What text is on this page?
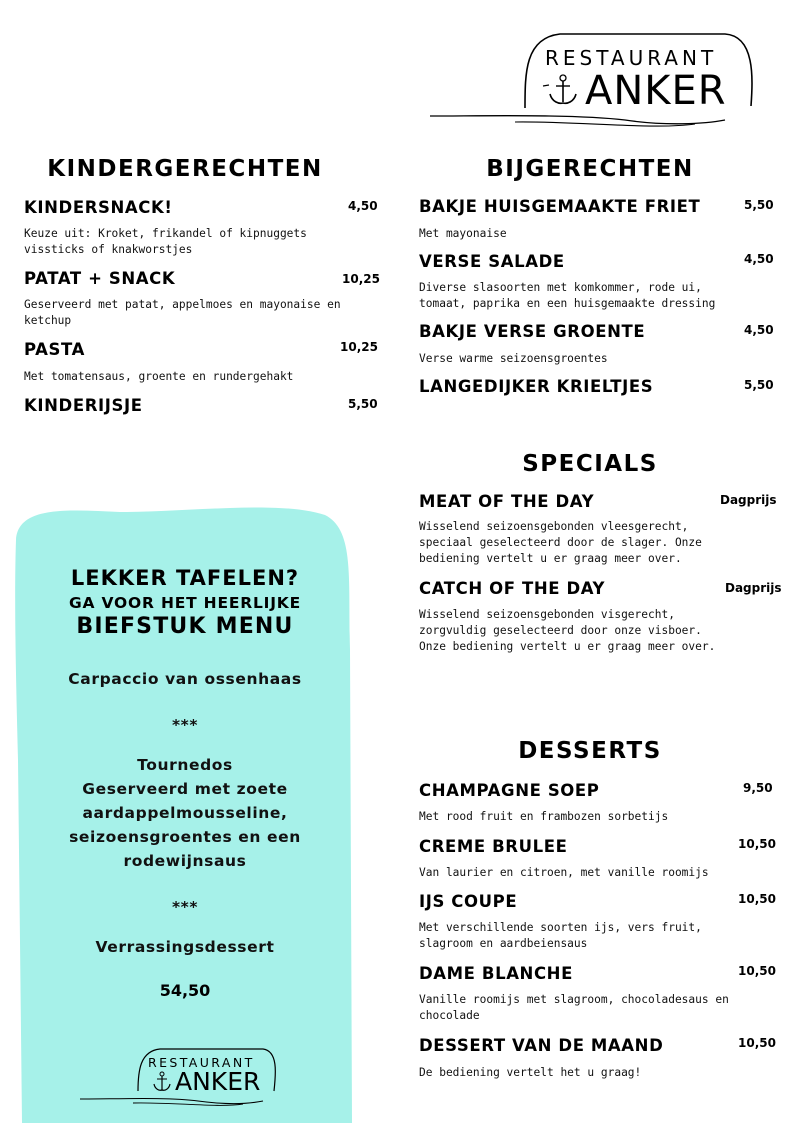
RESTAURANT
ANKER
KINDERGERECHTEN
KINDERSNACK!	4,50
Keuze uit: Kroket, frikandel of kipnuggets vissticks of knakworstjes
PATAT + SNACK	10,25
Geserveerd met patat, appelmoes en mayonaise en ketchup
PASTA	10,25
Met tomatensaus, groente en rundergehakt
KINDERIJSJE	5,50
BIJGERECHTEN
BAKJE HUISGEMAAKTE FRIET	5,50
Met mayonaise
VERSE SALADE	4,50
Diverse slasoorten met komkommer, rode ui, tomaat, paprika en een huisgemaakte dressing
BAKJE VERSE GROENTE	4,50
Verse warme seizoensgroentes
LANGEDIJKER KRIELTJES	5,50
SPECIALS
MEAT OF THE DAY	Dagprijs
Wisselend seizoensgebonden vleesgerecht, speciaal geselecteerd door de slager. Onze bediening vertelt u er graag meer over.
CATCH OF THE DAY	Dagprijs
Wisselend seizoensgebonden visgerecht, zorgvuldig geselecteerd door onze visboer. Onze bediening vertelt u er graag meer over.
DESSERTS
CHAMPAGNE SOEP	9,50
Met rood fruit en frambozen sorbetijs
CREME BRULEE	10,50
Van laurier en citroen, met vanille roomijs
IJS COUPE	10,50
Met verschillende soorten ijs, vers fruit, slagroom en aardbeiensaus
DAME BLANCHE	10,50
Vanille roomijs met slagroom, chocoladesaus en chocolade
DESSERT VAN DE MAAND	10,50
De bediening vertelt het u graag!
LEKKER TAFELEN?
GA VOOR HET HEERLIJKE
BIEFSTUK MENU
Carpaccio van ossenhaas
***
Tournedos
Geserveerd met zoete
aardappelmousseline,
seizoensgroentes en een
rodewijnsaus
***
Verrassingsdessert
54,50
RESTAURANT
ANKER
